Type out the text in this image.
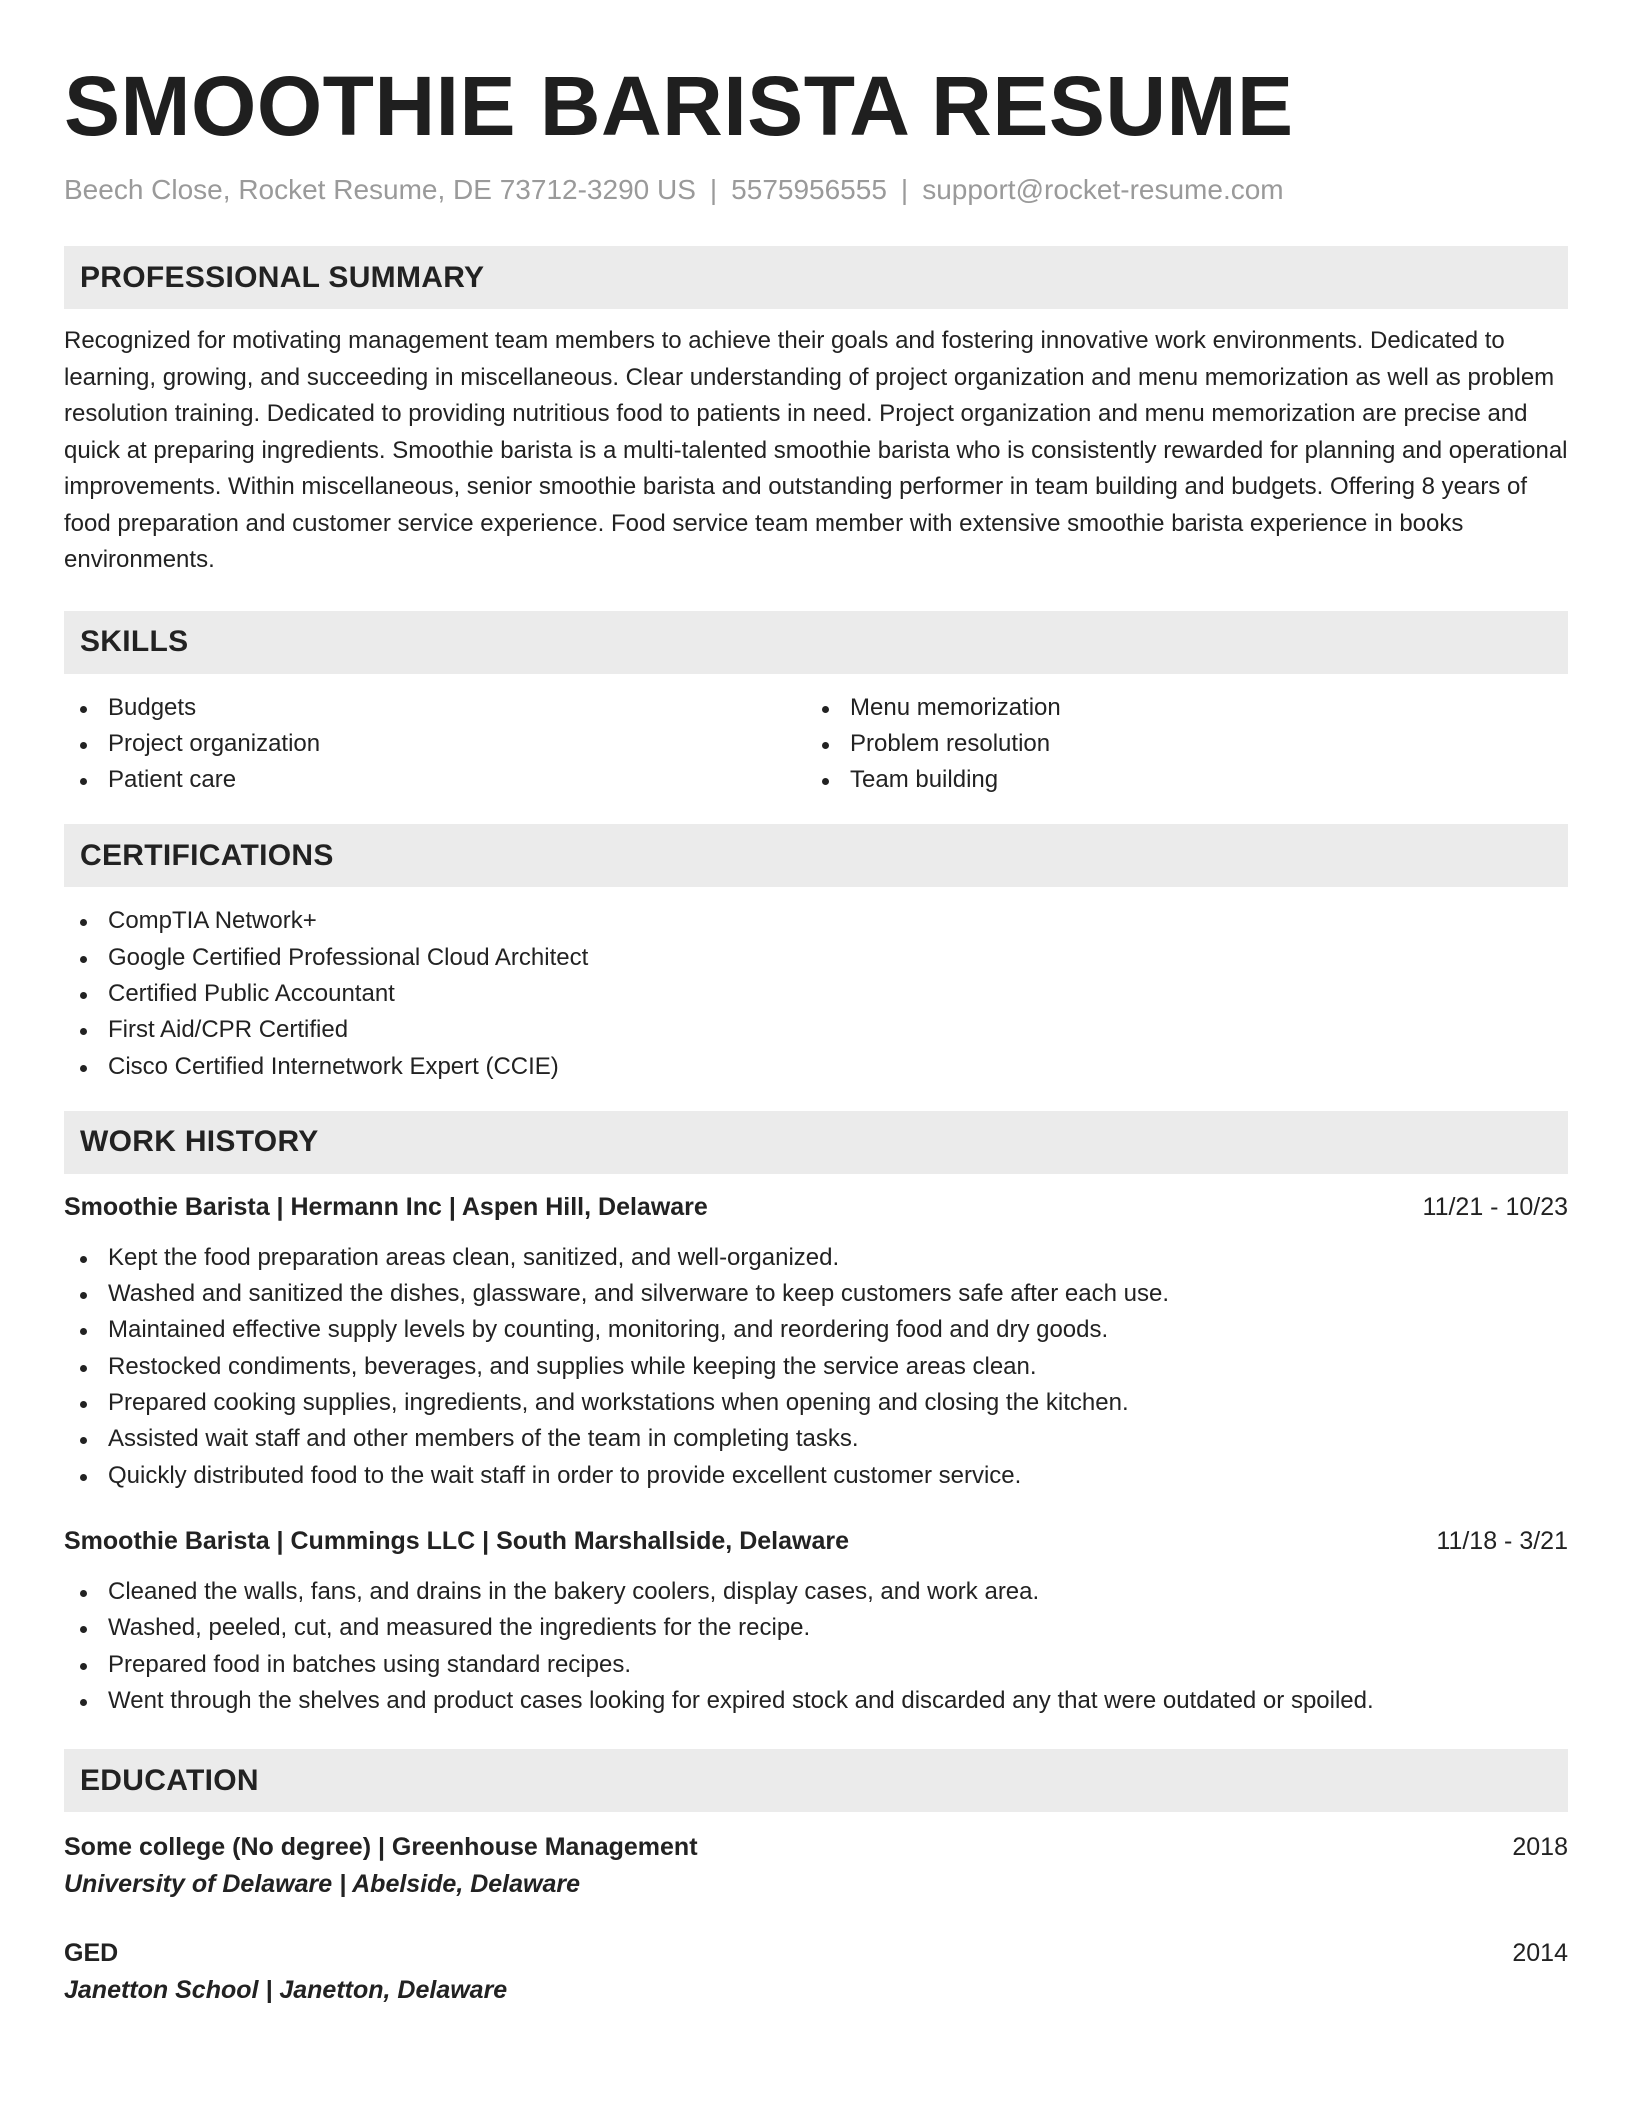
SMOOTHIE BARISTA RESUME
Beech Close, Rocket Resume, DE 73712-3290 US | 5575956555 | support@rocket-resume.com
PROFESSIONAL SUMMARY
Recognized for motivating management team members to achieve their goals and fostering innovative work environments. Dedicated to learning, growing, and succeeding in miscellaneous. Clear understanding of project organization and menu memorization as well as problem resolution training. Dedicated to providing nutritious food to patients in need. Project organization and menu memorization are precise and quick at preparing ingredients. Smoothie barista is a multi-talented smoothie barista who is consistently rewarded for planning and operational improvements. Within miscellaneous, senior smoothie barista and outstanding performer in team building and budgets. Offering 8 years of food preparation and customer service experience. Food service team member with extensive smoothie barista experience in books environments.
SKILLS
Budgets
Project organization
Patient care
Menu memorization
Problem resolution
Team building
CERTIFICATIONS
CompTIA Network+
Google Certified Professional Cloud Architect
Certified Public Accountant
First Aid/CPR Certified
Cisco Certified Internetwork Expert (CCIE)
WORK HISTORY
Smoothie Barista | Hermann Inc | Aspen Hill, Delaware	11/21 - 10/23
Kept the food preparation areas clean, sanitized, and well-organized.
Washed and sanitized the dishes, glassware, and silverware to keep customers safe after each use.
Maintained effective supply levels by counting, monitoring, and reordering food and dry goods.
Restocked condiments, beverages, and supplies while keeping the service areas clean.
Prepared cooking supplies, ingredients, and workstations when opening and closing the kitchen.
Assisted wait staff and other members of the team in completing tasks.
Quickly distributed food to the wait staff in order to provide excellent customer service.
Smoothie Barista | Cummings LLC | South Marshallside, Delaware	11/18 - 3/21
Cleaned the walls, fans, and drains in the bakery coolers, display cases, and work area.
Washed, peeled, cut, and measured the ingredients for the recipe.
Prepared food in batches using standard recipes.
Went through the shelves and product cases looking for expired stock and discarded any that were outdated or spoiled.
EDUCATION
Some college (No degree) | Greenhouse Management	2018
University of Delaware | Abelside, Delaware
GED	2014
Janetton School | Janetton, Delaware
